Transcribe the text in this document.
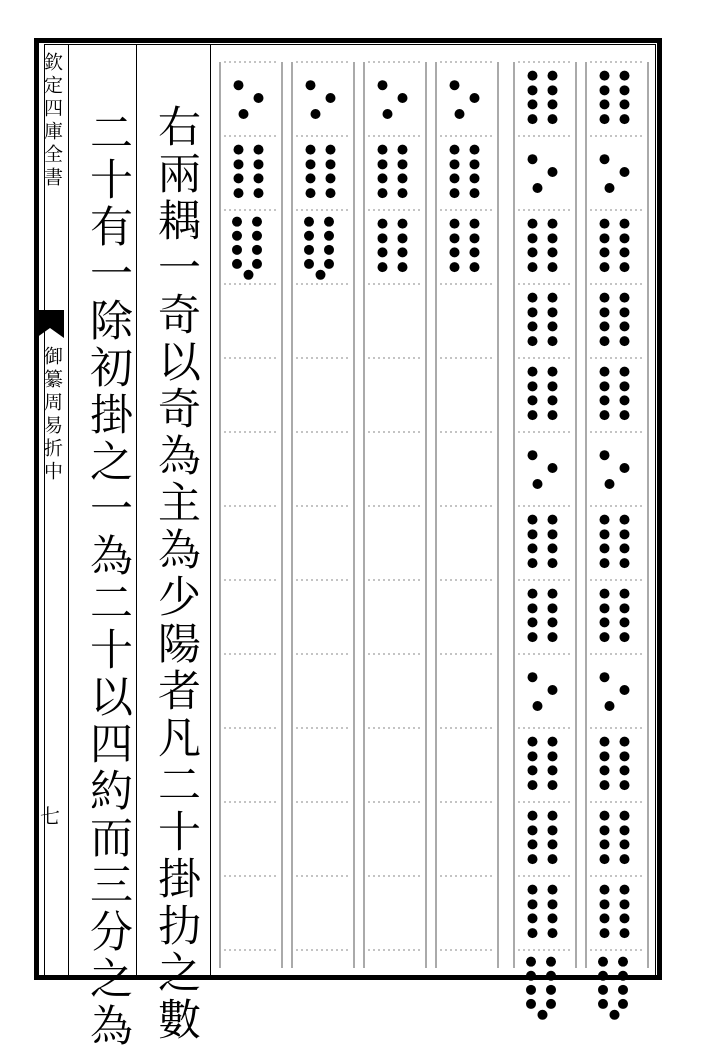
欽定四庫全書
御纂周易折中
七 右兩耦一奇以奇為主為少陽者凡二十掛扐之數
二十有一除初掛之一為二十以四約而三分之為
